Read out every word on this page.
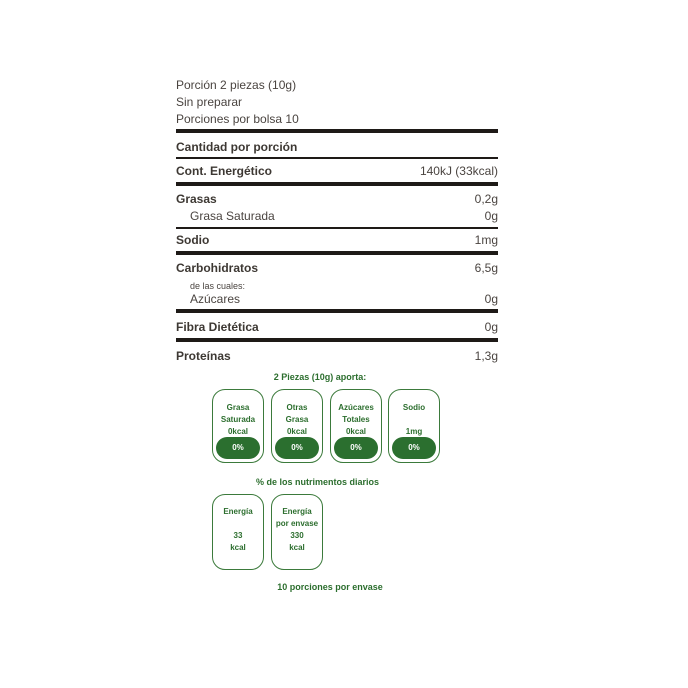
Porción 2 piezas (10g)
Sin preparar
Porciones por bolsa 10
Cantidad por porción
Cont. Energético	140kJ (33kcal)
Grasas	0,2g
Grasa Saturada	0g
Sodio	1mg
Carbohidratos	6,5g
de las cuales:
Azúcares	0g
Fibra Dietética	0g
Proteínas	1,3g
2 Piezas (10g) aporta:
Grasa
Saturada
0kcal
0%
Otras
Grasa
0kcal
0%
Azúcares
Totales
0kcal
0%
Sodio
1mg
0%
% de los nutrimentos diarios
Energía
33
kcal
Energía
por envase
330
kcal
10 porciones por envase
